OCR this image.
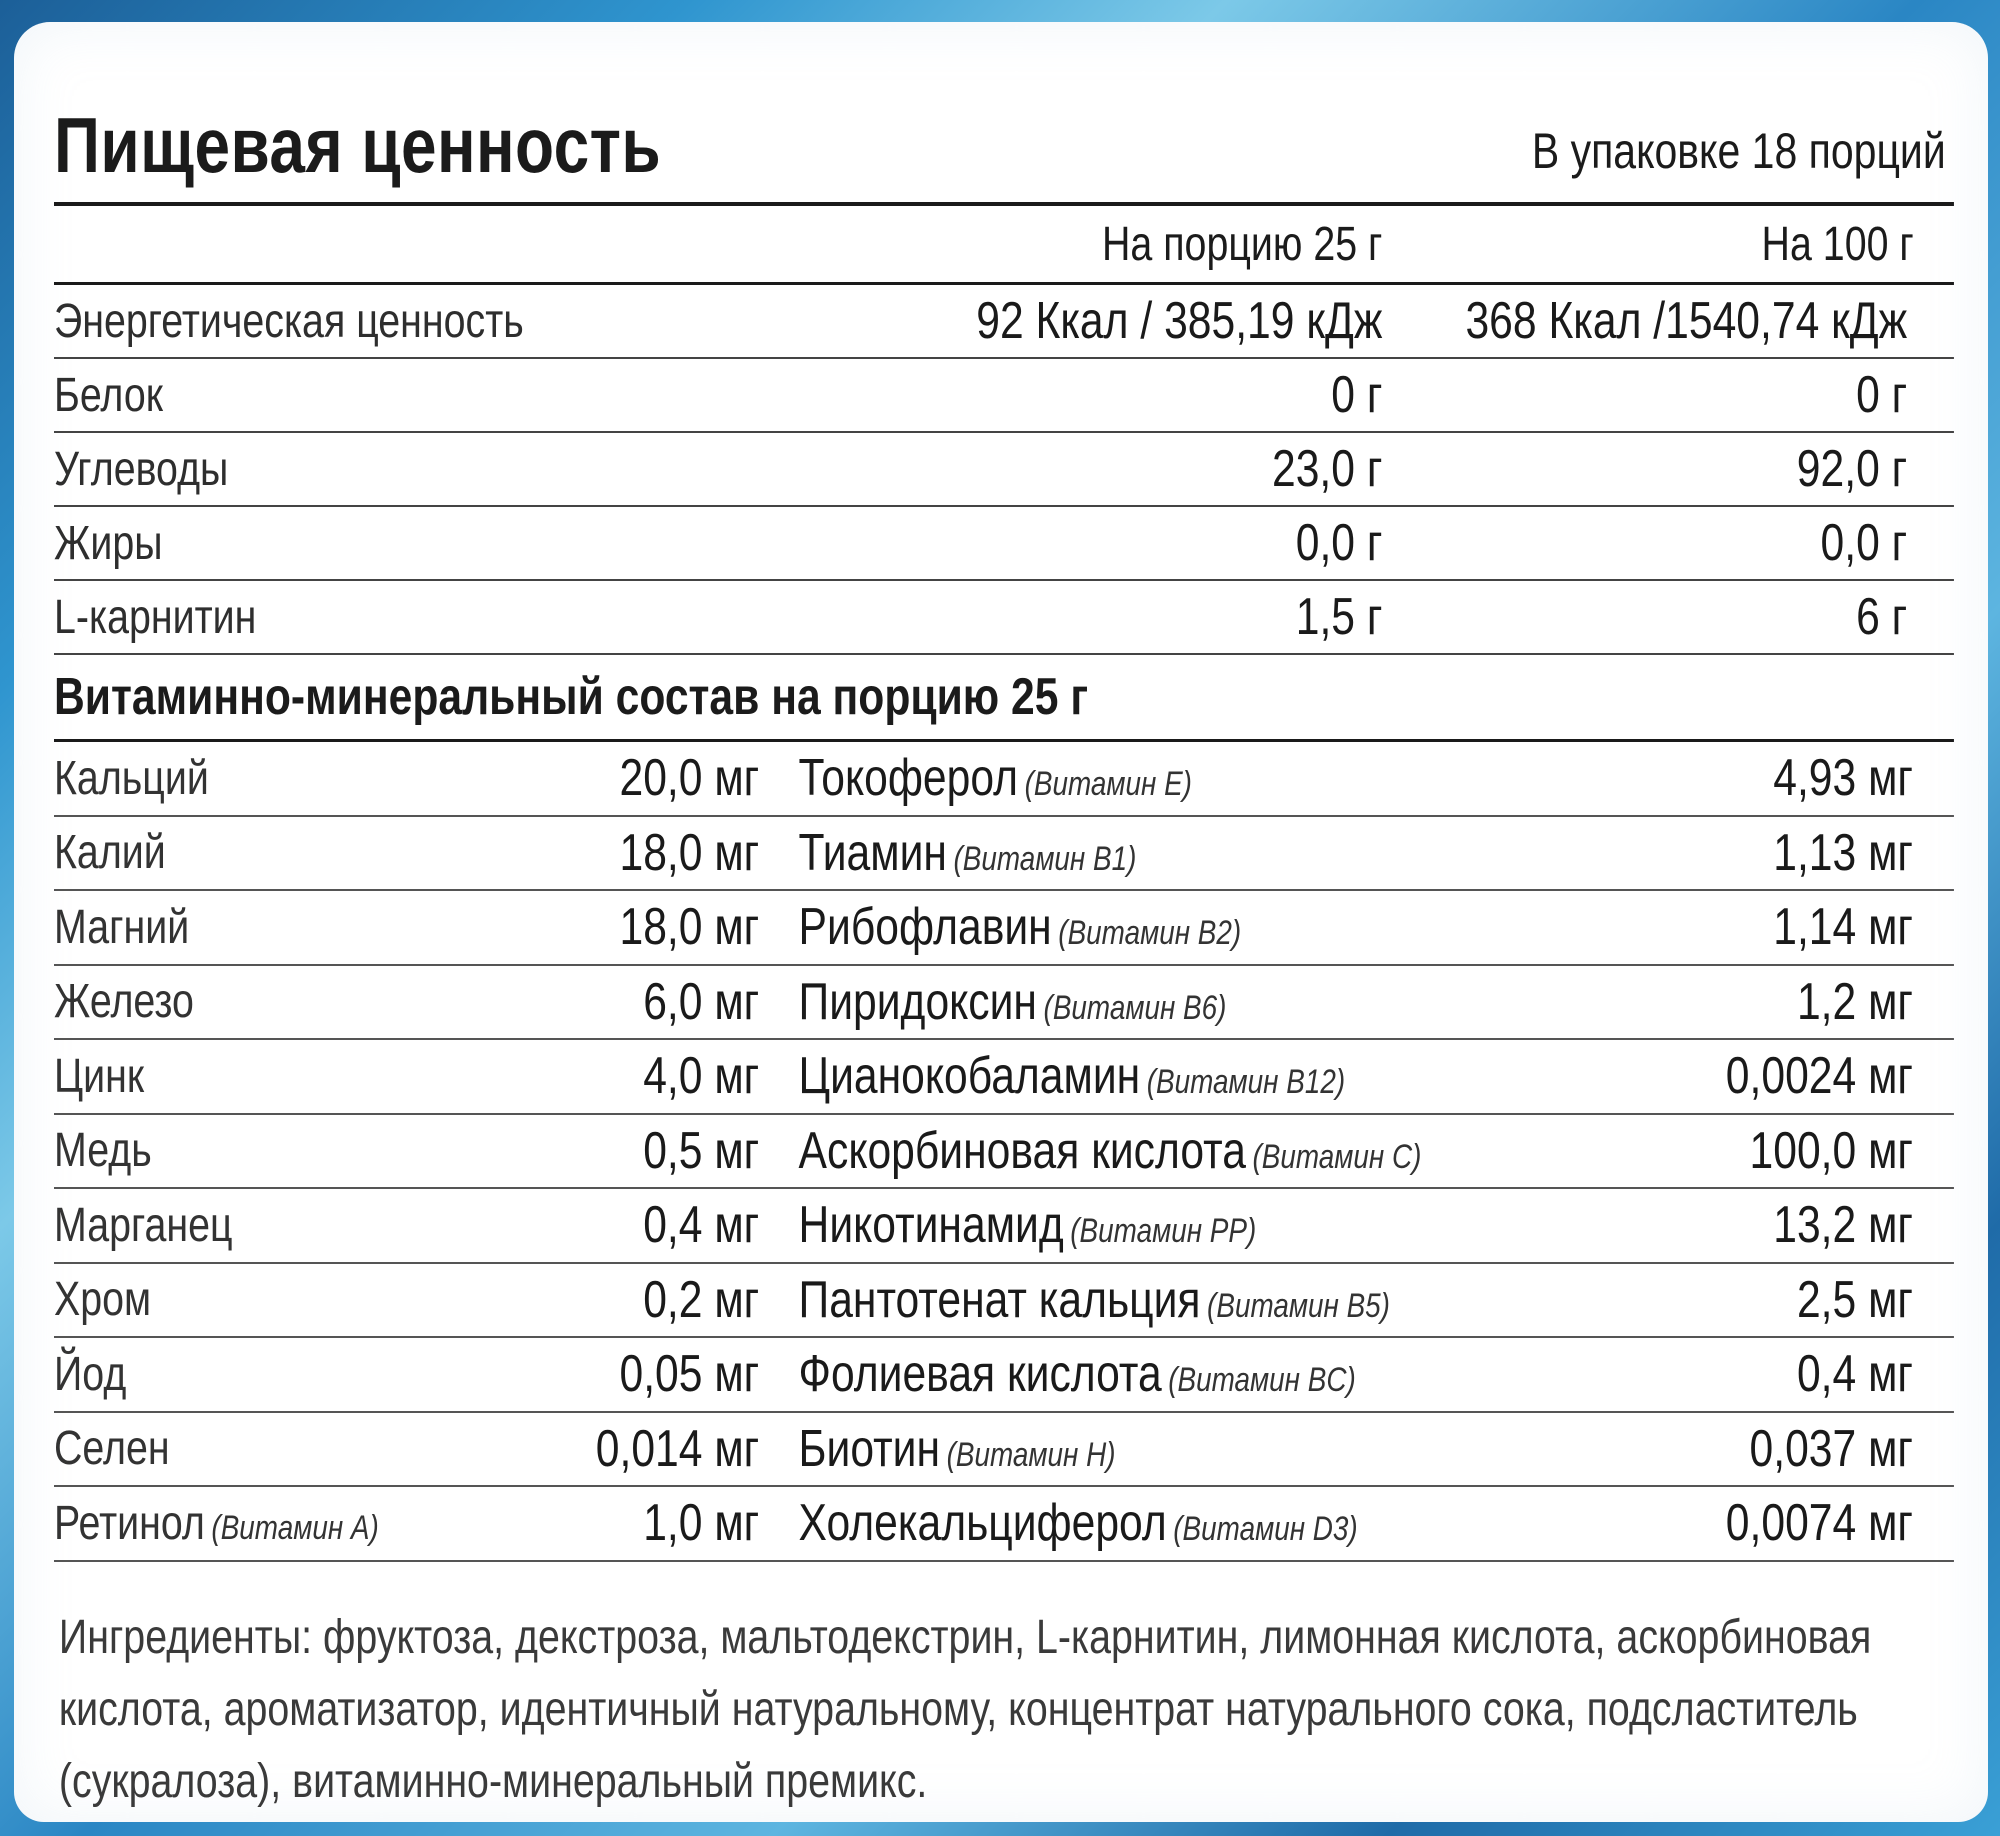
Пищевая ценность	В упаковке 18 порций
На порцию 25 г	На 100 г
Энергетическая ценность	92 Ккал / 385,19 кДж	368 Ккал /1540,74 кДж
Белок	0 г	0 г
Углеводы	23,0 г	92,0 г
Жиры	0,0 г	0,0 г
L-карнитин	1,5 г	6 г
Витаминно-минеральный состав на порцию 25 г
Кальций	20,0 мг Токоферол (Витамин E)	4,93 мг
Калий	18,0 мг Тиамин (Витамин B1)	1,13 мг
Магний	18,0 мг Рибофлавин (Витамин B2)	1,14 мг
Железо	6,0 мг Пиридоксин (Витамин B6)	1,2 мг
Цинк	4,0 мг Цианокобаламин (Витамин B12)	0,0024 мг
Медь	0,5 мг Аскорбиновая кислота (Витамин C)	100,0 мг
Марганец	0,4 мг Никотинамид (Витамин PP)	13,2 мг
Хром	0,2 мг Пантотенат кальция (Витамин B5)	2,5 мг
Йод	0,05 мг Фолиевая кислота (Витамин BC)	0,4 мг
Селен	0,014 мг Биотин (Витамин H)	0,037 мг
Ретинол (Витамин A)	1,0 мг Холекальциферол (Витамин D3)	0,0074 мг
Ингредиенты: фруктоза, декстроза, мальтодекстрин, L-карнитин, лимонная кислота, аскорбиновая кислота, ароматизатор, идентичный натуральному, концентрат натурального сока, подсластитель (сукралоза), витаминно-минеральный премикс.
